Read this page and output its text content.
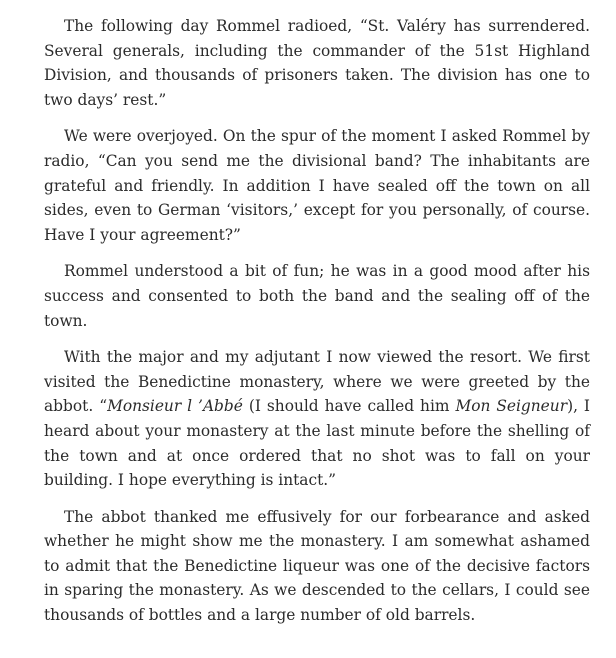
The following day Rommel radioed, “St. Valéry has surrendered. Several generals, including the commander of the 51st Highland Division, and thousands of prisoners taken. The division has one to two days’ rest.”

We were overjoyed. On the spur of the moment I asked Rommel by radio, “Can you send me the divisional band? The inhabitants are grateful and friendly. In addition I have sealed off the town on all sides, even to German ‘visitors,’ except for you personally, of course. Have I your agreement?”

Rommel understood a bit of fun; he was in a good mood after his success and consented to both the band and the sealing off of the town.

With the major and my adjutant I now viewed the resort. We first visited the Benedictine monastery, where we were greeted by the abbot. “Monsieur l ’Abbé (I should have called him Mon Seigneur), I heard about your monastery at the last minute before the shelling of the town and at once ordered that no shot was to fall on your building. I hope everything is intact.”

The abbot thanked me effusively for our forbearance and asked whether he might show me the monastery. I am somewhat ashamed to admit that the Benedictine liqueur was one of the decisive factors in sparing the monastery. As we descended to the cellars, I could see thousands of bottles and a large number of old barrels.
